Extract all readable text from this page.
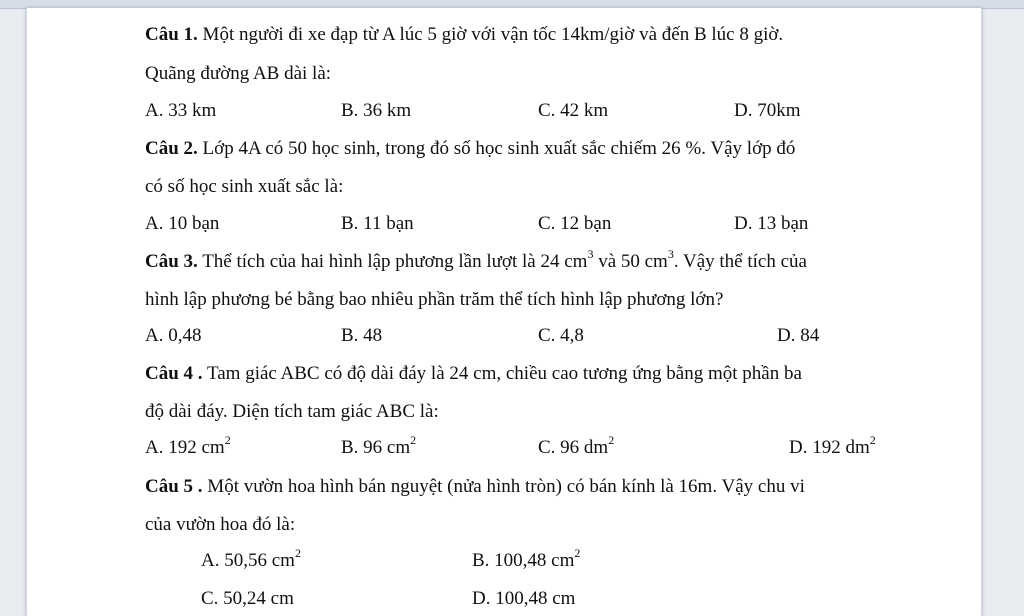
Câu 1. Một người đi xe đạp từ A lúc 5 giờ với vận tốc 14km/giờ và đến B lúc 8 giờ.
Quãng đường AB dài là:
A. 33 km	B. 36 km	C. 42 km	D. 70km
Câu 2. Lớp 4A có 50 học sinh, trong đó số học sinh xuất sắc chiếm 26 %. Vậy lớp đó
có số học sinh xuất sắc là:
A. 10 bạn	B. 11 bạn	C. 12 bạn	D. 13 bạn
Câu 3. Thể tích của hai hình lập phương lần lượt là 24 $cm^3$ và 50 $cm^3$. Vậy thể tích của
hình lập phương bé bằng bao nhiêu phần trăm thể tích hình lập phương lớn?
A. 0,48	B. 48	C. 4,8	D. 84
Câu 4 . Tam giác ABC có độ dài đáy là 24 cm, chiều cao tương ứng bằng một phần ba
độ dài đáy. Diện tích tam giác ABC là:
A. 192 $cm^2$	B. 96 $cm^2$	C. 96 $dm^2$	D. 192 $dm^2$
Câu 5 . Một vườn hoa hình bán nguyệt (nửa hình tròn) có bán kính là 16m. Vậy chu vi
của vườn hoa đó là:
A. 50,56 $cm^2$	B. 100,48 $cm^2$
C. 50,24 cm	D. 100,48 cm
